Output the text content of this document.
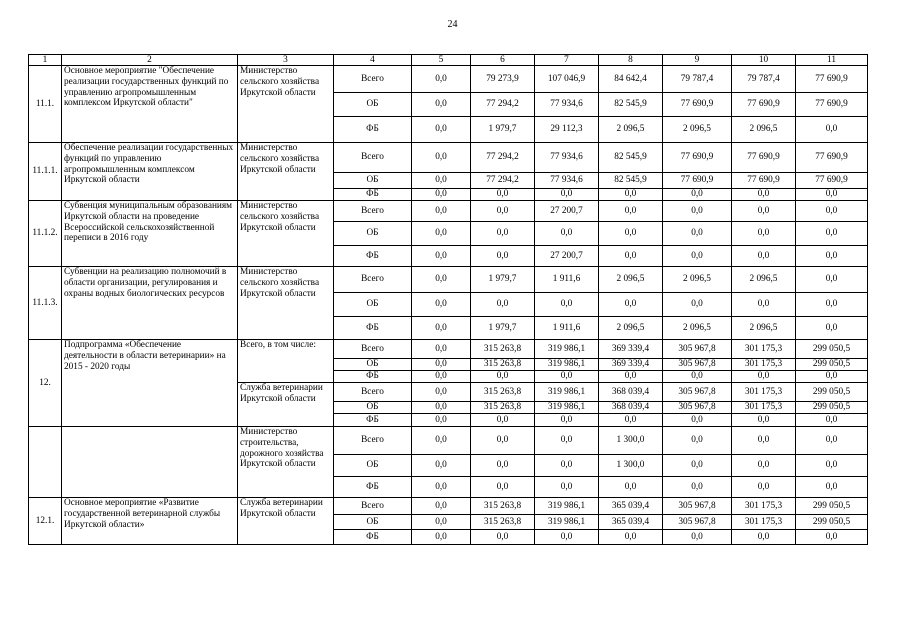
24
1	2	3	4	5	6	7	8	9	10	11
11.1.	Основное мероприятие "Обеспечение реализации государственных функций по управлению агропромышленным комплексом Иркутской области"	Министерство сельского хозяйства Иркутской области	Всего	0,0	79 273,9	107 046,9	84 642,4	79 787,4	79 787,4	77 690,9
			ОБ	0,0	77 294,2	77 934,6	82 545,9	77 690,9	77 690,9	77 690,9
			ФБ	0,0	1 979,7	29 112,3	2 096,5	2 096,5	2 096,5	0,0
11.1.1.	Обеспечение реализации государственных функций по управлению агропромышленным комплексом Иркутской области	Министерство сельского хозяйства Иркутской области	Всего	0,0	77 294,2	77 934,6	82 545,9	77 690,9	77 690,9	77 690,9
			ОБ	0,0	77 294,2	77 934,6	82 545,9	77 690,9	77 690,9	77 690,9
			ФБ	0,0	0,0	0,0	0,0	0,0	0,0	0,0
11.1.2.	Субвенция муниципальным образованиям Иркутской области на проведение Всероссийской сельскохозяйственной переписи в 2016 году	Министерство сельского хозяйства Иркутской области	Всего	0,0	0,0	27 200,7	0,0	0,0	0,0	0,0
			ОБ	0,0	0,0	0,0	0,0	0,0	0,0	0,0
			ФБ	0,0	0,0	27 200,7	0,0	0,0	0,0	0,0
11.1.3.	Субвенции на реализацию полномочий в области организации, регулирования и охраны водных биологических ресурсов	Министерство сельского хозяйства Иркутской области	Всего	0,0	1 979,7	1 911,6	2 096,5	2 096,5	2 096,5	0,0
			ОБ	0,0	0,0	0,0	0,0	0,0	0,0	0,0
			ФБ	0,0	1 979,7	1 911,6	2 096,5	2 096,5	2 096,5	0,0
12.	Подпрограмма «Обеспечение деятельности в области ветеринарии» на 2015 - 2020 годы	Всего, в том числе:	Всего	0,0	315 263,8	319 986,1	369 339,4	305 967,8	301 175,3	299 050,5
			ОБ	0,0	315 263,8	319 986,1	369 339,4	305 967,8	301 175,3	299 050,5
			ФБ	0,0	0,0	0,0	0,0	0,0	0,0	0,0
		Служба ветеринарии Иркутской области	Всего	0,0	315 263,8	319 986,1	368 039,4	305 967,8	301 175,3	299 050,5
			ОБ	0,0	315 263,8	319 986,1	368 039,4	305 967,8	301 175,3	299 050,5
			ФБ	0,0	0,0	0,0	0,0	0,0	0,0	0,0
		Министерство строительства, дорожного хозяйства Иркутской области	Всего	0,0	0,0	0,0	1 300,0	0,0	0,0	0,0
			ОБ	0,0	0,0	0,0	1 300,0	0,0	0,0	0,0
			ФБ	0,0	0,0	0,0	0,0	0,0	0,0	0,0
12.1.	Основное мероприятие «Развитие государственной ветеринарной службы Иркутской области»	Служба ветеринарии Иркутской области	Всего	0,0	315 263,8	319 986,1	365 039,4	305 967,8	301 175,3	299 050,5
			ОБ	0,0	315 263,8	319 986,1	365 039,4	305 967,8	301 175,3	299 050,5
			ФБ	0,0	0,0	0,0	0,0	0,0	0,0	0,0
